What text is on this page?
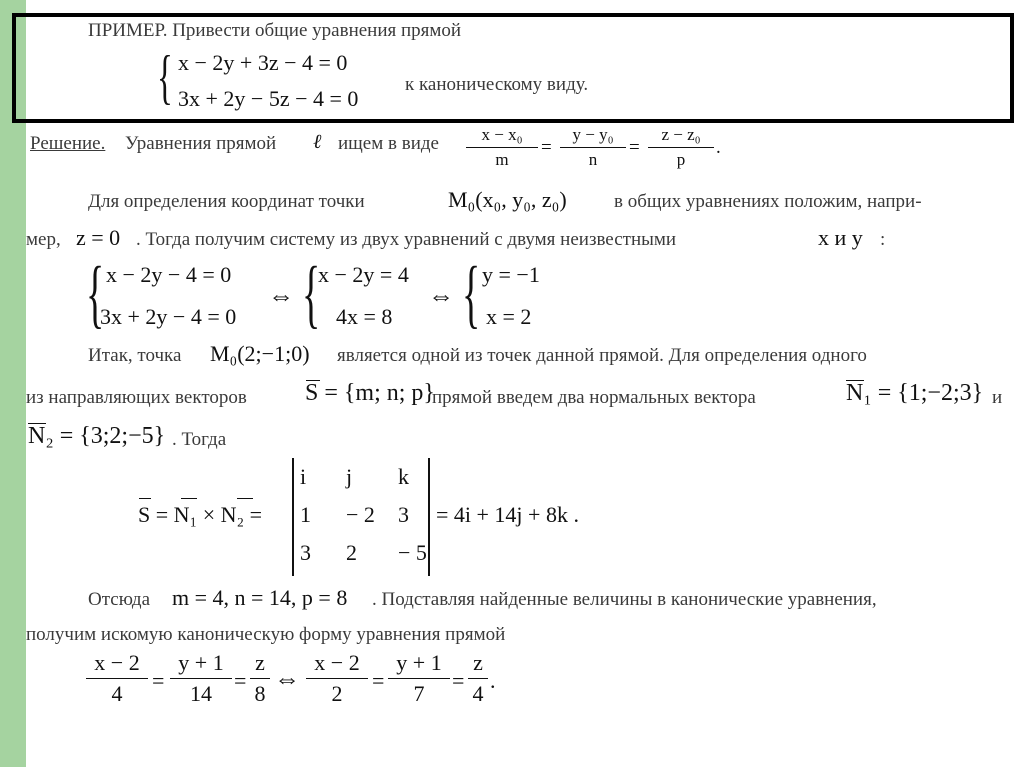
ПРИМЕР. Привести общие уравнения прямой
{ x − 2y + 3z − 4 = 0
3x + 2y − 5z − 4 = 0
к каноническому виду.
Решение. Уравнения прямой ℓ ищем в виде	x − x₀
m
=
y − y₀
n
=
z − z₀
p
.
Для определения координат точки	M₀(x₀, y₀, z₀) в общих уравнениях положим, напри-
мер, z = 0 . Тогда получим систему из двух уравнений с двумя неизвестными	x и y :
{ x − 2y − 4 = 0
3x + 2y − 4 = 0
⇔ {
x − 2y = 4
4x = 8
⇔ { y = −1
x = 2
Итак, точка M₀(2;−1;0) является одной из точек данной прямой. Для определения одного
из направляющих векторов S = {m; n; p}
прямой введем два нормальных вектора	N₁ = {1;−2;3} и
N₂ = {3;2;−5} . Тогда
S = N₁ × N₂ =
i j k
1 − 2 3
3 2 − 5
= 4i + 14j + 8k .
Отсюда m = 4, n = 14, p = 8 . Подставляя найденные величины в канонические уравнения,
получим искомую каноническую форму уравнения прямой
x − 2
4
=
y + 1
14
=
z
8
⇔
x − 2
2
=
y + 1
7
=
z
4
.
